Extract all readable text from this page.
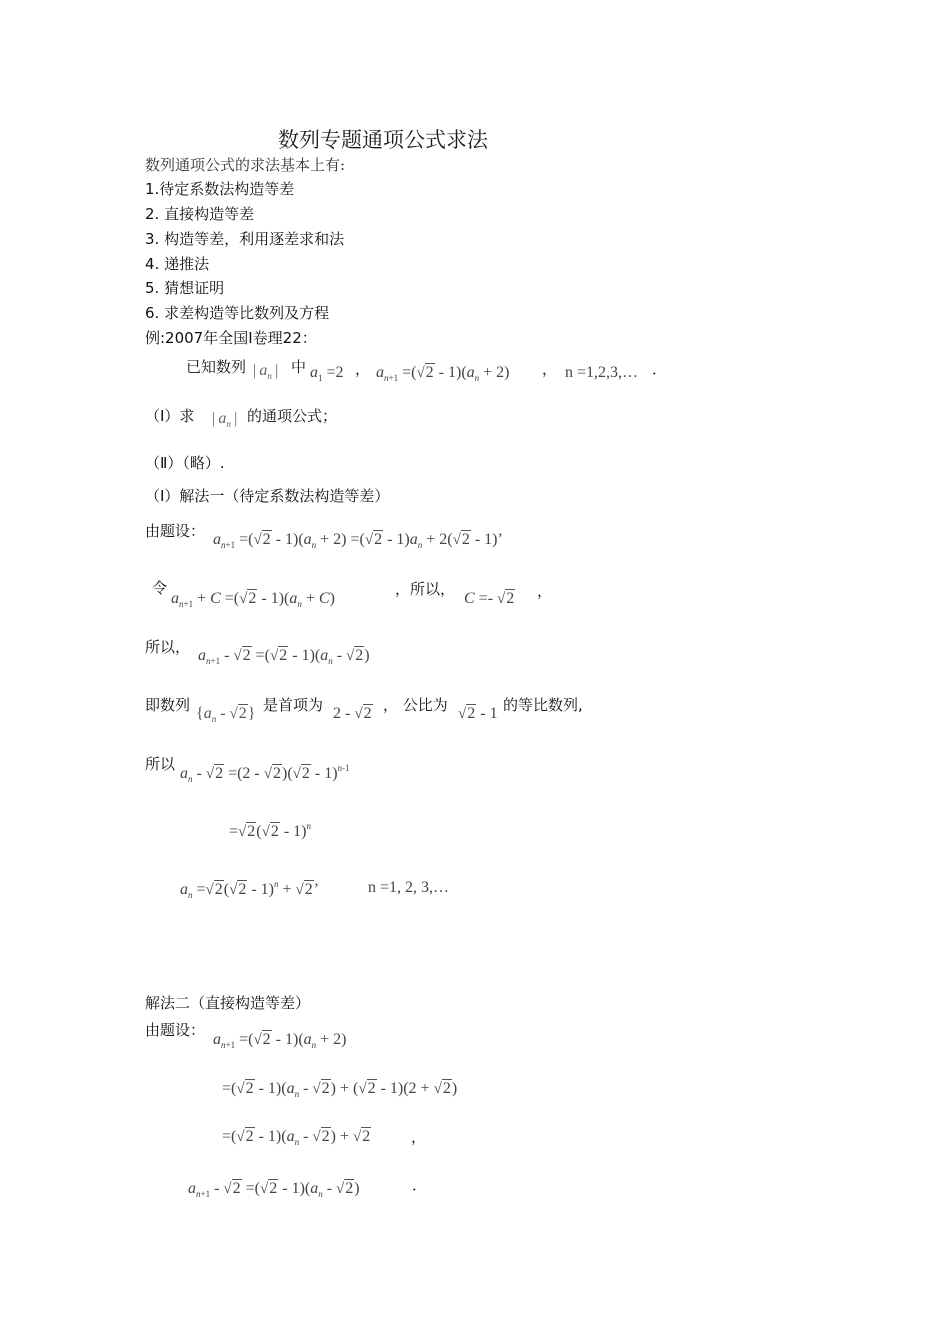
数列专题通项公式求法
数列通项公式的求法基本上有:
1.待定系数法构造等差
2. 直接构造等差
3. 构造等差，利用逐差求和法
4. 递推法
5. 猜想证明
6. 求差构造等比数列及方程
例:2007年全国Ⅰ卷理22：
已知数列 | $a_n$ | 中 $a_1 =2$ ， $a_{n+1} =(√2 - 1)(a_n + 2)$ ， n =1,2,3,… ．
（Ⅰ）求 | $a_n$ | 的通项公式；
（Ⅱ）（略）.
（Ⅰ）解法一（待定系数法构造等差）
由题设： $a_{n+1} =(√2 - 1)(a_n + 2) =(√2 - 1)a_n + 2(√2 - 1)$’
令
$a_{n+1} + C =(√2 - 1)(a_n + C)$
，所以，
C =- √2 ，
所以， $a_{n+1} - √2 =(√2 - 1)(a_n - √2)$
即数列 $\{a_n - √2\}$ 是首项为 2 - √2 ， 公比为 √2 - 1 的等比数列,
所以
$a_n - √2 =(2 - √2)(√2 - 1)^{n-1}$
=√2(√2 - 1)$^n$
$a_n =√2(√2 - 1)^n + √2$’	n =1, 2, 3,…
解法二（直接构造等差）
由题设：
$a_{n+1} =(√2 - 1)(a_n + 2)$
$=(√2 - 1)(a_n - √2) + (√2 - 1)(2 + √2)$
$=(√2 - 1)(a_n - √2) + √2$	，
$a_{n+1} - √2 =(√2 - 1)(a_n - √2)$	．
